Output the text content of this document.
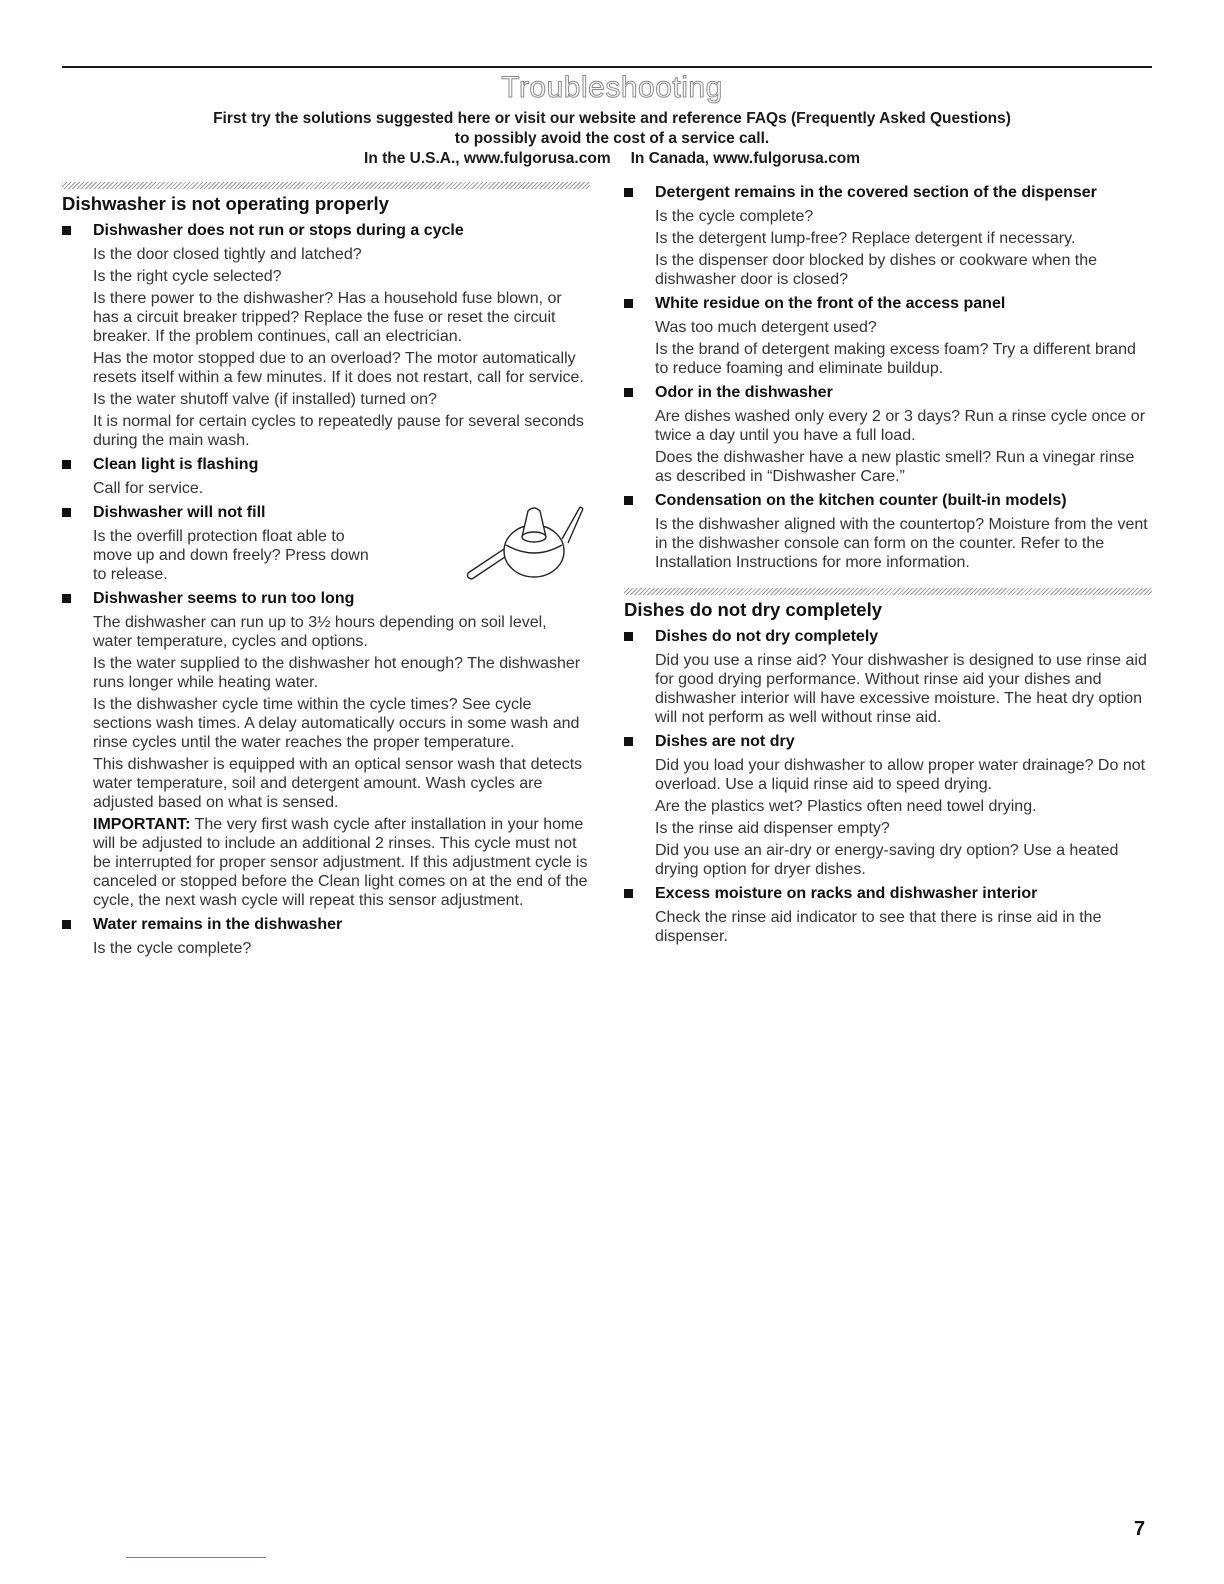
Troubleshooting
First try the solutions suggested here or visit our website and reference FAQs (Frequently Asked Questions)
to possibly avoid the cost of a service call.
In the U.S.A., www.fulgorusa.com In Canada, www.fulgorusa.com
Dishwasher is not operating properly
Dishwasher does not run or stops during a cycle

Is the door closed tightly and latched?

Is the right cycle selected?

Is there power to the dishwasher? Has a household fuse blown, or has a circuit breaker tripped? Replace the fuse or reset the circuit breaker. If the problem continues, call an electrician.

Has the motor stopped due to an overload? The motor automatically resets itself within a few minutes. If it does not restart, call for service.

Is the water shutoff valve (if installed) turned on?

It is normal for certain cycles to repeatedly pause for several seconds during the main wash.

Clean light is flashing

Call for service.

Dishwasher will not fill

Is the overfill protection float able to move up and down freely? Press down to release.

Dishwasher seems to run too long

The dishwasher can run up to 3½ hours depending on soil level, water temperature, cycles and options.

Is the water supplied to the dishwasher hot enough? The dishwasher runs longer while heating water.

Is the dishwasher cycle time within the cycle times? See cycle sections wash times. A delay automatically occurs in some wash and rinse cycles until the water reaches the proper temperature.

This dishwasher is equipped with an optical sensor wash that detects water temperature, soil and detergent amount. Wash cycles are adjusted based on what is sensed.

IMPORTANT: The very first wash cycle after installation in your home will be adjusted to include an additional 2 rinses. This cycle must not be interrupted for proper sensor adjustment. If this adjustment cycle is canceled or stopped before the Clean light comes on at the end of the cycle, the next wash cycle will repeat this sensor adjustment.

Water remains in the dishwasher

Is the cycle complete?

Detergent remains in the covered section of the dispenser

Is the cycle complete?

Is the detergent lump-free? Replace detergent if necessary.

Is the dispenser door blocked by dishes or cookware when the dishwasher door is closed?

White residue on the front of the access panel

Was too much detergent used?

Is the brand of detergent making excess foam? Try a different brand to reduce foaming and eliminate buildup.

Odor in the dishwasher

Are dishes washed only every 2 or 3 days? Run a rinse cycle once or twice a day until you have a full load.

Does the dishwasher have a new plastic smell? Run a vinegar rinse as described in “Dishwasher Care.”

Condensation on the kitchen counter (built-in models)

Is the dishwasher aligned with the countertop? Moisture from the vent in the dishwasher console can form on the counter. Refer to the Installation Instructions for more information.

Dishes do not dry completely
Dishes do not dry completely

Did you use a rinse aid? Your dishwasher is designed to use rinse aid for good drying performance. Without rinse aid your dishes and dishwasher interior will have excessive moisture. The heat dry option will not perform as well without rinse aid.

Dishes are not dry

Did you load your dishwasher to allow proper water drainage? Do not overload. Use a liquid rinse aid to speed drying.

Are the plastics wet? Plastics often need towel drying.

Is the rinse aid dispenser empty?

Did you use an air-dry or energy-saving dry option? Use a heated drying option for dryer dishes.

Excess moisture on racks and dishwasher interior

Check the rinse aid indicator to see that there is rinse aid in the dispenser.

7
